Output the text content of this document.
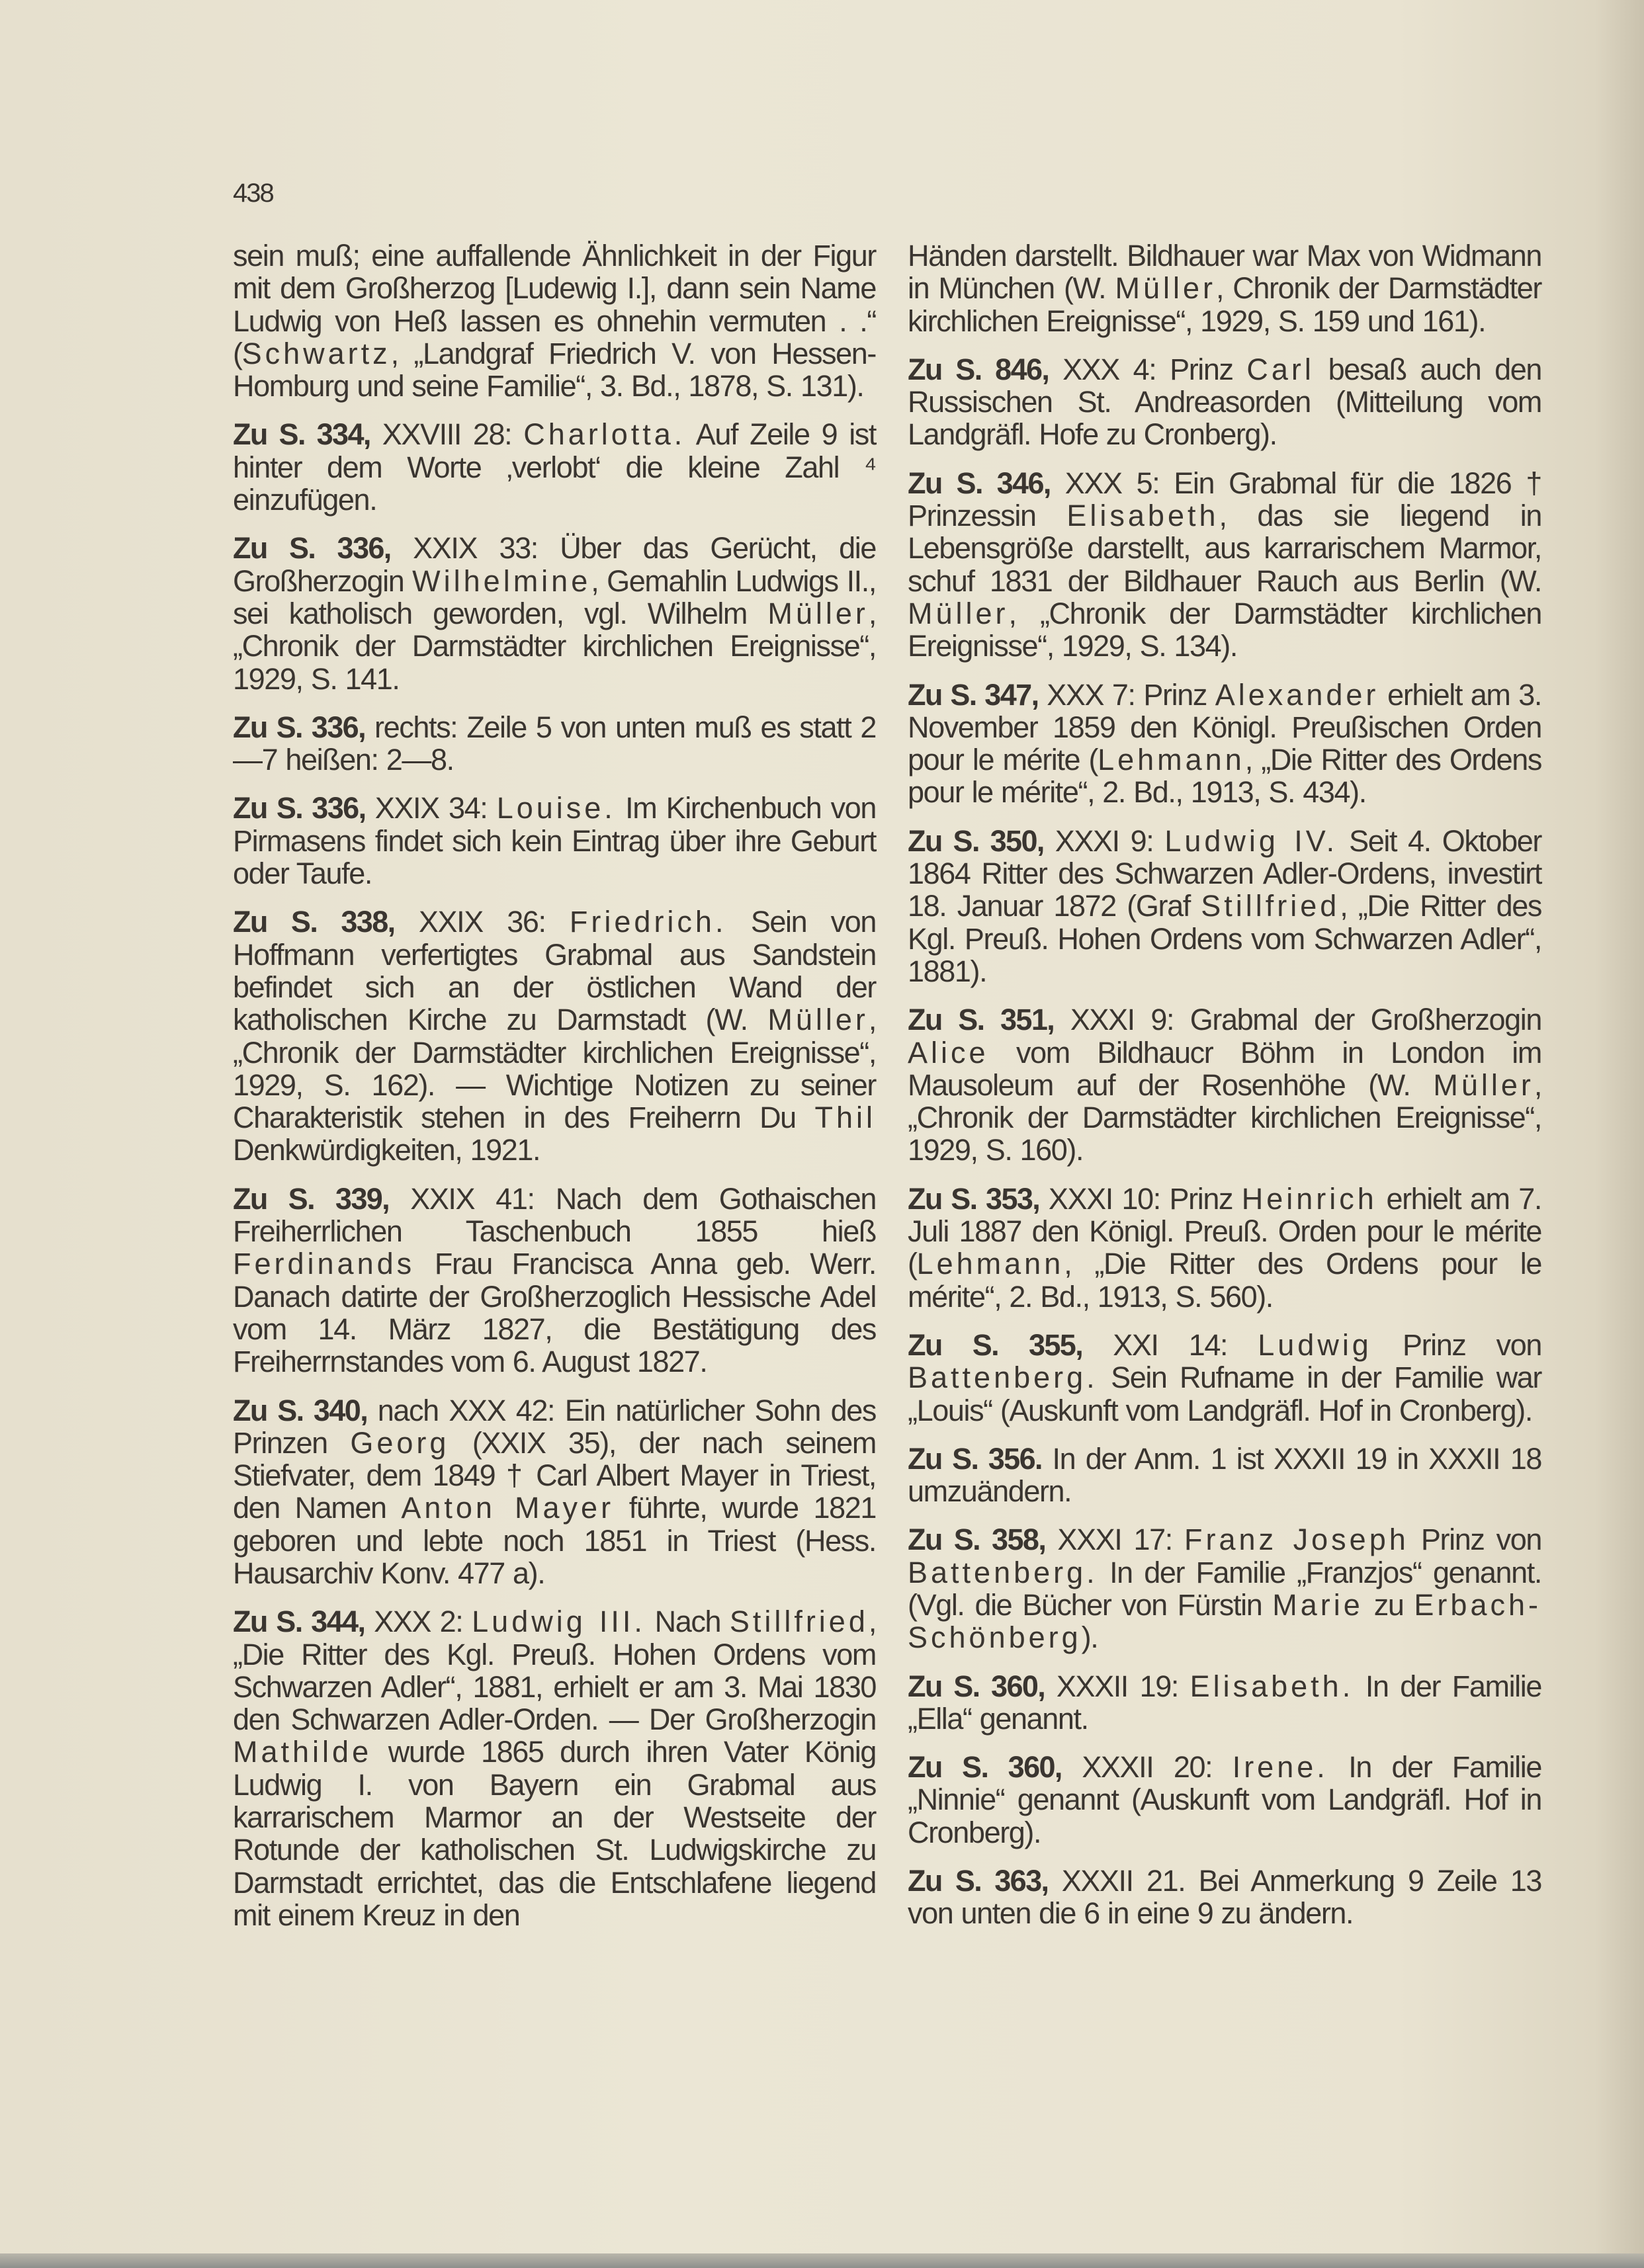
438

sein muß; eine auffallende Ähnlichkeit in der Figur mit dem Großherzog [Ludewig I.], dann sein Name Ludwig von Heß lassen es ohnehin vermuten . .“ (Schwartz, „Landgraf Friedrich V. von Hessen-Homburg und seine Familie“, 3. Bd., 1878, S. 131).

Zu S. 334, XXVIII 28: Charlotta. Auf Zeile 9 ist hinter dem Worte ‚verlobt‘ die kleine Zahl ⁴ einzufügen.

Zu S. 336, XXIX 33: Über das Gerücht, die Großherzogin Wilhelmine, Gemahlin Ludwigs II., sei katholisch geworden, vgl. Wilhelm Müller, „Chronik der Darmstädter kirchlichen Ereignisse“, 1929, S. 141.

Zu S. 336, rechts: Zeile 5 von unten muß es statt 2—7 heißen: 2—8.

Zu S. 336, XXIX 34: Louise. Im Kirchenbuch von Pirmasens findet sich kein Eintrag über ihre Geburt oder Taufe.

Zu S. 338, XXIX 36: Friedrich. Sein von Hoffmann verfertigtes Grabmal aus Sandstein befindet sich an der östlichen Wand der katholischen Kirche zu Darmstadt (W. Müller, „Chronik der Darmstädter kirchlichen Ereignisse“, 1929, S. 162). — Wichtige Notizen zu seiner Charakteristik stehen in des Freiherrn Du Thil Denkwürdigkeiten, 1921.

Zu S. 339, XXIX 41: Nach dem Gothaischen Freiherrlichen Taschenbuch 1855 hieß Ferdinands Frau Francisca Anna geb. Werr. Danach datirte der Großherzoglich Hessische Adel vom 14. März 1827, die Bestätigung des Freiherrnstandes vom 6. August 1827.

Zu S. 340, nach XXX 42: Ein natürlicher Sohn des Prinzen Georg (XXIX 35), der nach seinem Stiefvater, dem 1849 † Carl Albert Mayer in Triest, den Namen Anton Mayer führte, wurde 1821 geboren und lebte noch 1851 in Triest (Hess. Hausarchiv Konv. 477 a).

Zu S. 344, XXX 2: Ludwig III. Nach Stillfried, „Die Ritter des Kgl. Preuß. Hohen Ordens vom Schwarzen Adler“, 1881, erhielt er am 3. Mai 1830 den Schwarzen Adler-Orden. — Der Großherzogin Mathilde wurde 1865 durch ihren Vater König Ludwig I. von Bayern ein Grabmal aus karrarischem Marmor an der Westseite der Rotunde der katholischen St. Ludwigskirche zu Darmstadt errichtet, das die Entschlafene liegend mit einem Kreuz in den

Händen darstellt. Bildhauer war Max von Widmann in München (W. Müller, Chronik der Darmstädter kirchlichen Ereignisse“, 1929, S. 159 und 161).

Zu S. 846, XXX 4: Prinz Carl besaß auch den Russischen St. Andreasorden (Mitteilung vom Landgräfl. Hofe zu Cronberg).

Zu S. 346, XXX 5: Ein Grabmal für die 1826 † Prinzessin Elisabeth, das sie liegend in Lebensgröße darstellt, aus karrarischem Marmor, schuf 1831 der Bildhauer Rauch aus Berlin (W. Müller, „Chronik der Darmstädter kirchlichen Ereignisse“, 1929, S. 134).

Zu S. 347, XXX 7: Prinz Alexander erhielt am 3. November 1859 den Königl. Preußischen Orden pour le mérite (Lehmann, „Die Ritter des Ordens pour le mérite“, 2. Bd., 1913, S. 434).

Zu S. 350, XXXI 9: Ludwig IV. Seit 4. Oktober 1864 Ritter des Schwarzen Adler-Ordens, investirt 18. Januar 1872 (Graf Stillfried, „Die Ritter des Kgl. Preuß. Hohen Ordens vom Schwarzen Adler“, 1881).

Zu S. 351, XXXI 9: Grabmal der Großherzogin Alice vom Bildhaucr Böhm in London im Mausoleum auf der Rosenhöhe (W. Müller, „Chronik der Darmstädter kirchlichen Ereignisse“, 1929, S. 160).

Zu S. 353, XXXI 10: Prinz Heinrich erhielt am 7. Juli 1887 den Königl. Preuß. Orden pour le mérite (Lehmann, „Die Ritter des Ordens pour le mérite“, 2. Bd., 1913, S. 560).

Zu S. 355, XXI 14: Ludwig Prinz von Battenberg. Sein Rufname in der Familie war „Louis“ (Auskunft vom Landgräfl. Hof in Cronberg).

Zu S. 356. In der Anm. 1 ist XXXII 19 in XXXII 18 umzuändern.

Zu S. 358, XXXI 17: Franz Joseph Prinz von Battenberg. In der Familie „Franzjos“ genannt. (Vgl. die Bücher von Fürstin Marie zu Erbach-Schönberg).

Zu S. 360, XXXII 19: Elisabeth. In der Familie „Ella“ genannt.

Zu S. 360, XXXII 20: Irene. In der Familie „Ninnie“ genannt (Auskunft vom Landgräfl. Hof in Cronberg).

Zu S. 363, XXXII 21. Bei Anmerkung 9 Zeile 13 von unten die 6 in eine 9 zu ändern.
